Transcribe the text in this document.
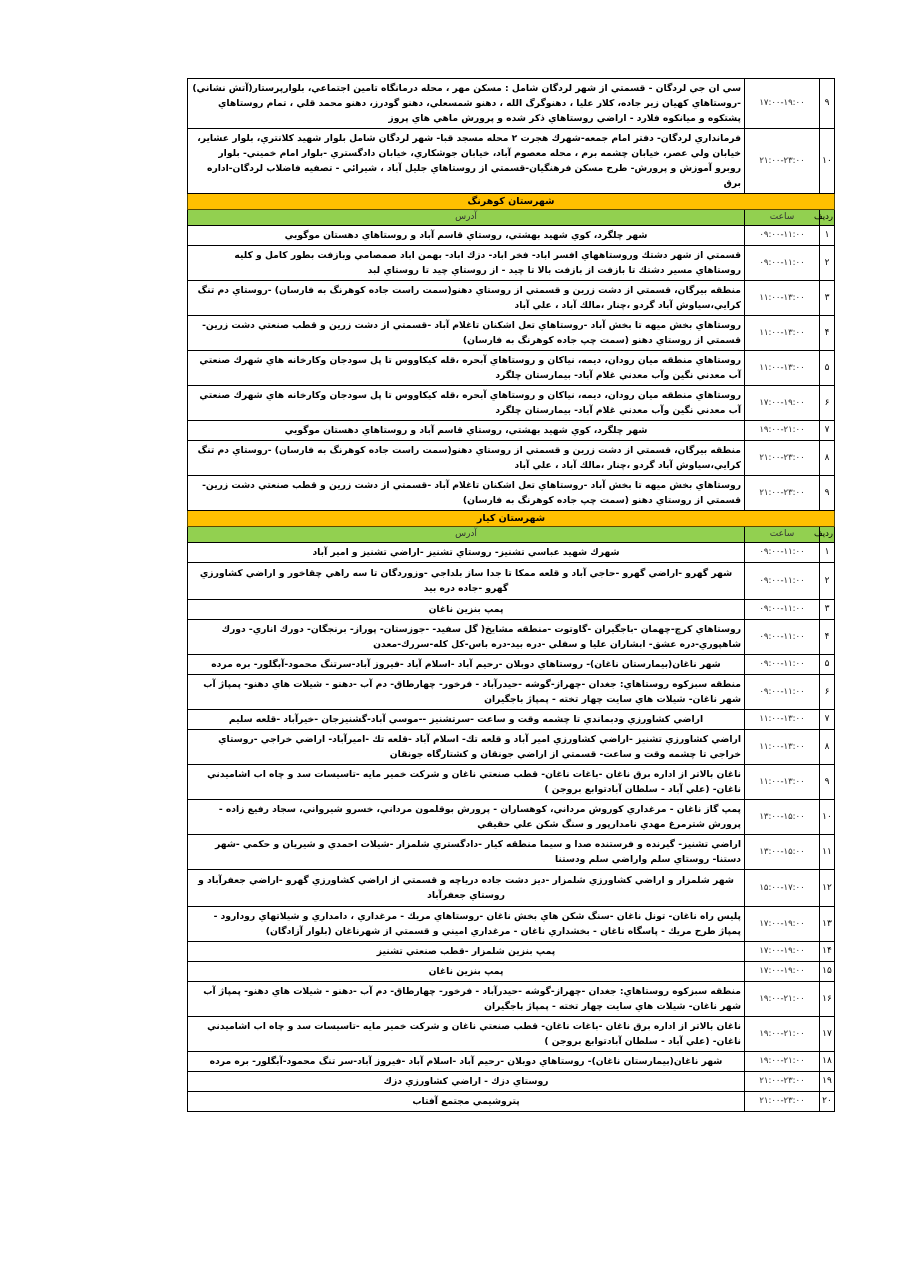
۹	۱۷:۰۰-۱۹:۰۰	سي ان جي لردگان - قسمتي از شهر لردگان شامل : مسكن مهر ، محله درمانگاه تامين اجتماعي، بلوارپرستار(آتش نشاني) -روستاهاي كهيان زير جاده، كلار عليا ، دهنوگرگ الله ، دهنو شمسعلي، دهنو گودرز، دهنو محمد قلي ، تمام روستاهاي پشتكوه و ميانكوه فلارد - اراضي روستاهاي ذكر شده و پرورش ماهي هاي پروز
۱۰	۲۱:۰۰-۲۳:۰۰	فرمانداري لردگان- دفتر امام جمعه-شهرك هجرت ۲ محله مسجد قبا- شهر لردگان شامل بلوار شهيد كلانتري، بلوار عشاير، خيابان ولي عصر، خيابان چشمه برم ، محله معصوم آباد، خيابان جوشكاري، خيابان دادگستري -بلوار امام خميني- بلوار روبرو آموزش و پرورش- طرح مسكن فرهنگيان-قسمتي از روستاهاي جليل آباد ، شيرائي - تصفيه فاضلاب لردگان-اداره برق
شهرستان كوهرنگ		
رديف	ساعت	آدرس
۱	۰۹:۰۰-۱۱:۰۰	شهر چلگرد، كوي شهيد بهشتي، روستاي قاسم آباد و روستاهاي دهستان موگويي
۲	۰۹:۰۰-۱۱:۰۰	قسمتي از شهر دشتك وروستاههاي افسر اباد- فخر اباد- دزك اباد- بهمن اباد صمصامي وبازفت بطور كامل و كليه روستاهاي مسير دشتك تا بازفت از بازفت بالا تا چيد - از روستاي چيد تا روستاي لبد
۳	۱۱:۰۰-۱۳:۰۰	منطقه بيرگان، قسمتي از دشت زرين و قسمتي از روستاي دهنو(سمت راست جاده كوهرنگ به فارسان) -روستاي دم تنگ كرايي،سياوش آباد گردو ،چنار ،مالك آباد ، علي آباد
۴	۱۱:۰۰-۱۳:۰۰	روستاهاي بخش ميهه تا بخش آباد -روستاهاي تعل اشكنان تاغلام آباد -قسمتي از دشت زرين و قطب صنعتي دشت زرين-قسمتي از روستاي دهنو (سمت چپ جاده كوهرنگ به فارسان)
۵	۱۱:۰۰-۱۳:۰۰	روستاهاي منطقه ميان رودان، ديمه، نياكان و روستاهاي آبحره ،قله كيكاووس تا پل سودجان وكارخانه هاي شهرك صنعتي آب معدني نگين وآب معدني غلام آباد- بيمارستان چلگرد
۶	۱۷:۰۰-۱۹:۰۰	روستاهاي منطقه ميان رودان، ديمه، نياكان و روستاهاي آبحره ،قله كيكاووس تا پل سودجان وكارخانه هاي شهرك صنعتي آب معدني نگين وآب معدني غلام آباد- بيمارستان چلگرد
۷	۱۹:۰۰-۲۱:۰۰	شهر چلگرد، كوي شهيد بهشتي، روستاي قاسم آباد و روستاهاي دهستان موگويي
۸	۲۱:۰۰-۲۳:۰۰	منطقه بيرگان، قسمتي از دشت زرين و قسمتي از روستاي دهنو(سمت راست جاده كوهرنگ به فارسان) -روستاي دم تنگ كرايي،سياوش آباد گردو ،چنار ،مالك آباد ، علي آباد
۹	۲۱:۰۰-۲۳:۰۰	روستاهاي بخش ميهه تا بخش آباد -روستاهاي تعل اشكنان تاغلام آباد -قسمتي از دشت زرين و قطب صنعتي دشت زرين-قسمتي از روستاي دهنو (سمت چپ جاده كوهرنگ به فارسان)
شهرستان كيار		
رديف	ساعت	آدرس
۱	۰۹:۰۰-۱۱:۰۰	شهرك شهيد عباسي تشنيز- روستاي تشنيز -اراضي تشنيز و امير آباد
۲	۰۹:۰۰-۱۱:۰۰	شهر گهرو -اراضي گهرو -حاجي آباد و قلعه ممكا تا جدا ساز بلداجي -وزوردگان تا سه راهي چقاخور و اراضي كشاورزي گهرو -جاده دره بيد
۳	۰۹:۰۰-۱۱:۰۰	پمپ بنزين ناغان
۴	۰۹:۰۰-۱۱:۰۰	روستاهاي كرچ-چهمان -باجگيران -گاوتوت -منطقه مشايخ( گل سفيد- -جوزستان- پوراز- برنجگان- دورك اناري- دورك شاهپوري-دره عشق- ابشاران عليا و سفلي -دره بيد-دره باس-كل كله-سررك-معدن
۵	۰۹:۰۰-۱۱:۰۰	شهر ناغان(بيمارستان ناغان)- روستاهاي دوبلان -رحيم آباد -اسلام آباد -فيروز آباد-سرتنگ محمود-آبگلور- بره مرده
۶	۰۹:۰۰-۱۱:۰۰	منطقه سبزكوه روستاهاي: جغدان -چهراز-گوشه -حيدرآباد - فرخور- چهارطاق- دم آب -دهنو - شيلات هاي دهنو- پمپاژ آب شهر ناغان- شيلات هاي سايت چهار تخته - پمپاژ باجگيران
۷	۱۱:۰۰-۱۳:۰۰	اراضي كشاورزي ودبماندي تا چشمه وقت و ساعت -سرتشنيز --موسي آباد-گشنيزجان -خيرآباد -قلعه سليم
۸	۱۱:۰۰-۱۳:۰۰	اراضي كشاورزي تشنيز -اراضي كشاورزي امير آباد و قلعه تك- اسلام آباد -قلعه تك -اميرآباد- اراضي خراجي -روستاي خراجي تا چشمه وقت و ساعت- قسمتي از اراضي جونقان و كشتارگاه جونقان
۹	۱۱:۰۰-۱۳:۰۰	ناغان بالاتر از اداره برق ناغان -باغات ناغان- قطب صنعتي ناغان و شركت خمير مايه -تاسيسات سد و چاه اب اشاميدني ناغان- (علي آباد - سلطان آبادتوابع بروجن )
۱۰	۱۳:۰۰-۱۵:۰۰	پمپ گاز ناغان - مرغداري كوروش مرداني، كوهساران - پرورش بوقلمون مرداني، خسرو شيرواني، سجاد رفيع زاده - پرورش شترمرغ مهدي نامدارپور و سنگ شكن علي حقيقي
۱۱	۱۳:۰۰-۱۵:۰۰	اراضي تشنيز- گيرنده و فرستنده صدا و سيما منطقه كيار -دادگستري شلمزار -شيلات احمدي و شيريان و حكمي -شهر دستنا- روستاي سلم واراضي سلم ودستنا
۱۲	۱۵:۰۰-۱۷:۰۰	شهر شلمزار و اراضي كشاورزي شلمزار -ديز دشت جاده درياچه و قسمتي از اراضي كشاورزي گهرو -اراضي جعفرآباد و روستاي جعفرآباد
۱۳	۱۷:۰۰-۱۹:۰۰	پليس راه ناغان- تونل ناغان -سنگ شكن هاي بخش ناغان -روستاهاي مريك - مرغداري ، دامداري و شيلاتهاي رودارود - پمپاژ طرح مريك - پاسگاه ناغان - بخشداري ناغان - مرغداري اميني و قسمتي از شهرناغان (بلوار آزادگان)
۱۴	۱۷:۰۰-۱۹:۰۰	پمپ بنزين شلمزار -قطب صنعتي تشنيز
۱۵	۱۷:۰۰-۱۹:۰۰	پمپ بنزين ناغان
۱۶	۱۹:۰۰-۲۱:۰۰	منطقه سبزكوه روستاهاي: جغدان -چهراز-گوشه -حيدرآباد - فرخور- چهارطاق- دم آب -دهنو - شيلات هاي دهنو- پمپاژ آب شهر ناغان- شيلات هاي سايت چهار تخته - پمپاژ باجگيران
۱۷	۱۹:۰۰-۲۱:۰۰	ناغان بالاتر از اداره برق ناغان -باغات ناغان- قطب صنعتي ناغان و شركت خمير مايه -تاسيسات سد و چاه اب اشاميدني ناغان- (علي آباد - سلطان آبادتوابع بروجن )
۱۸	۱۹:۰۰-۲۱:۰۰	شهر ناغان(بيمارستان ناغان)- روستاهاي دوبلان -رحيم آباد -اسلام آباد -فيروز آباد-سر تنگ محمود-آبگلور- بره مرده
۱۹	۲۱:۰۰-۲۳:۰۰	روستاي دزك - اراضي كشاورزي دزك
۲۰	۲۱:۰۰-۲۳:۰۰	پتروشيمي مجتمع آفتاب
